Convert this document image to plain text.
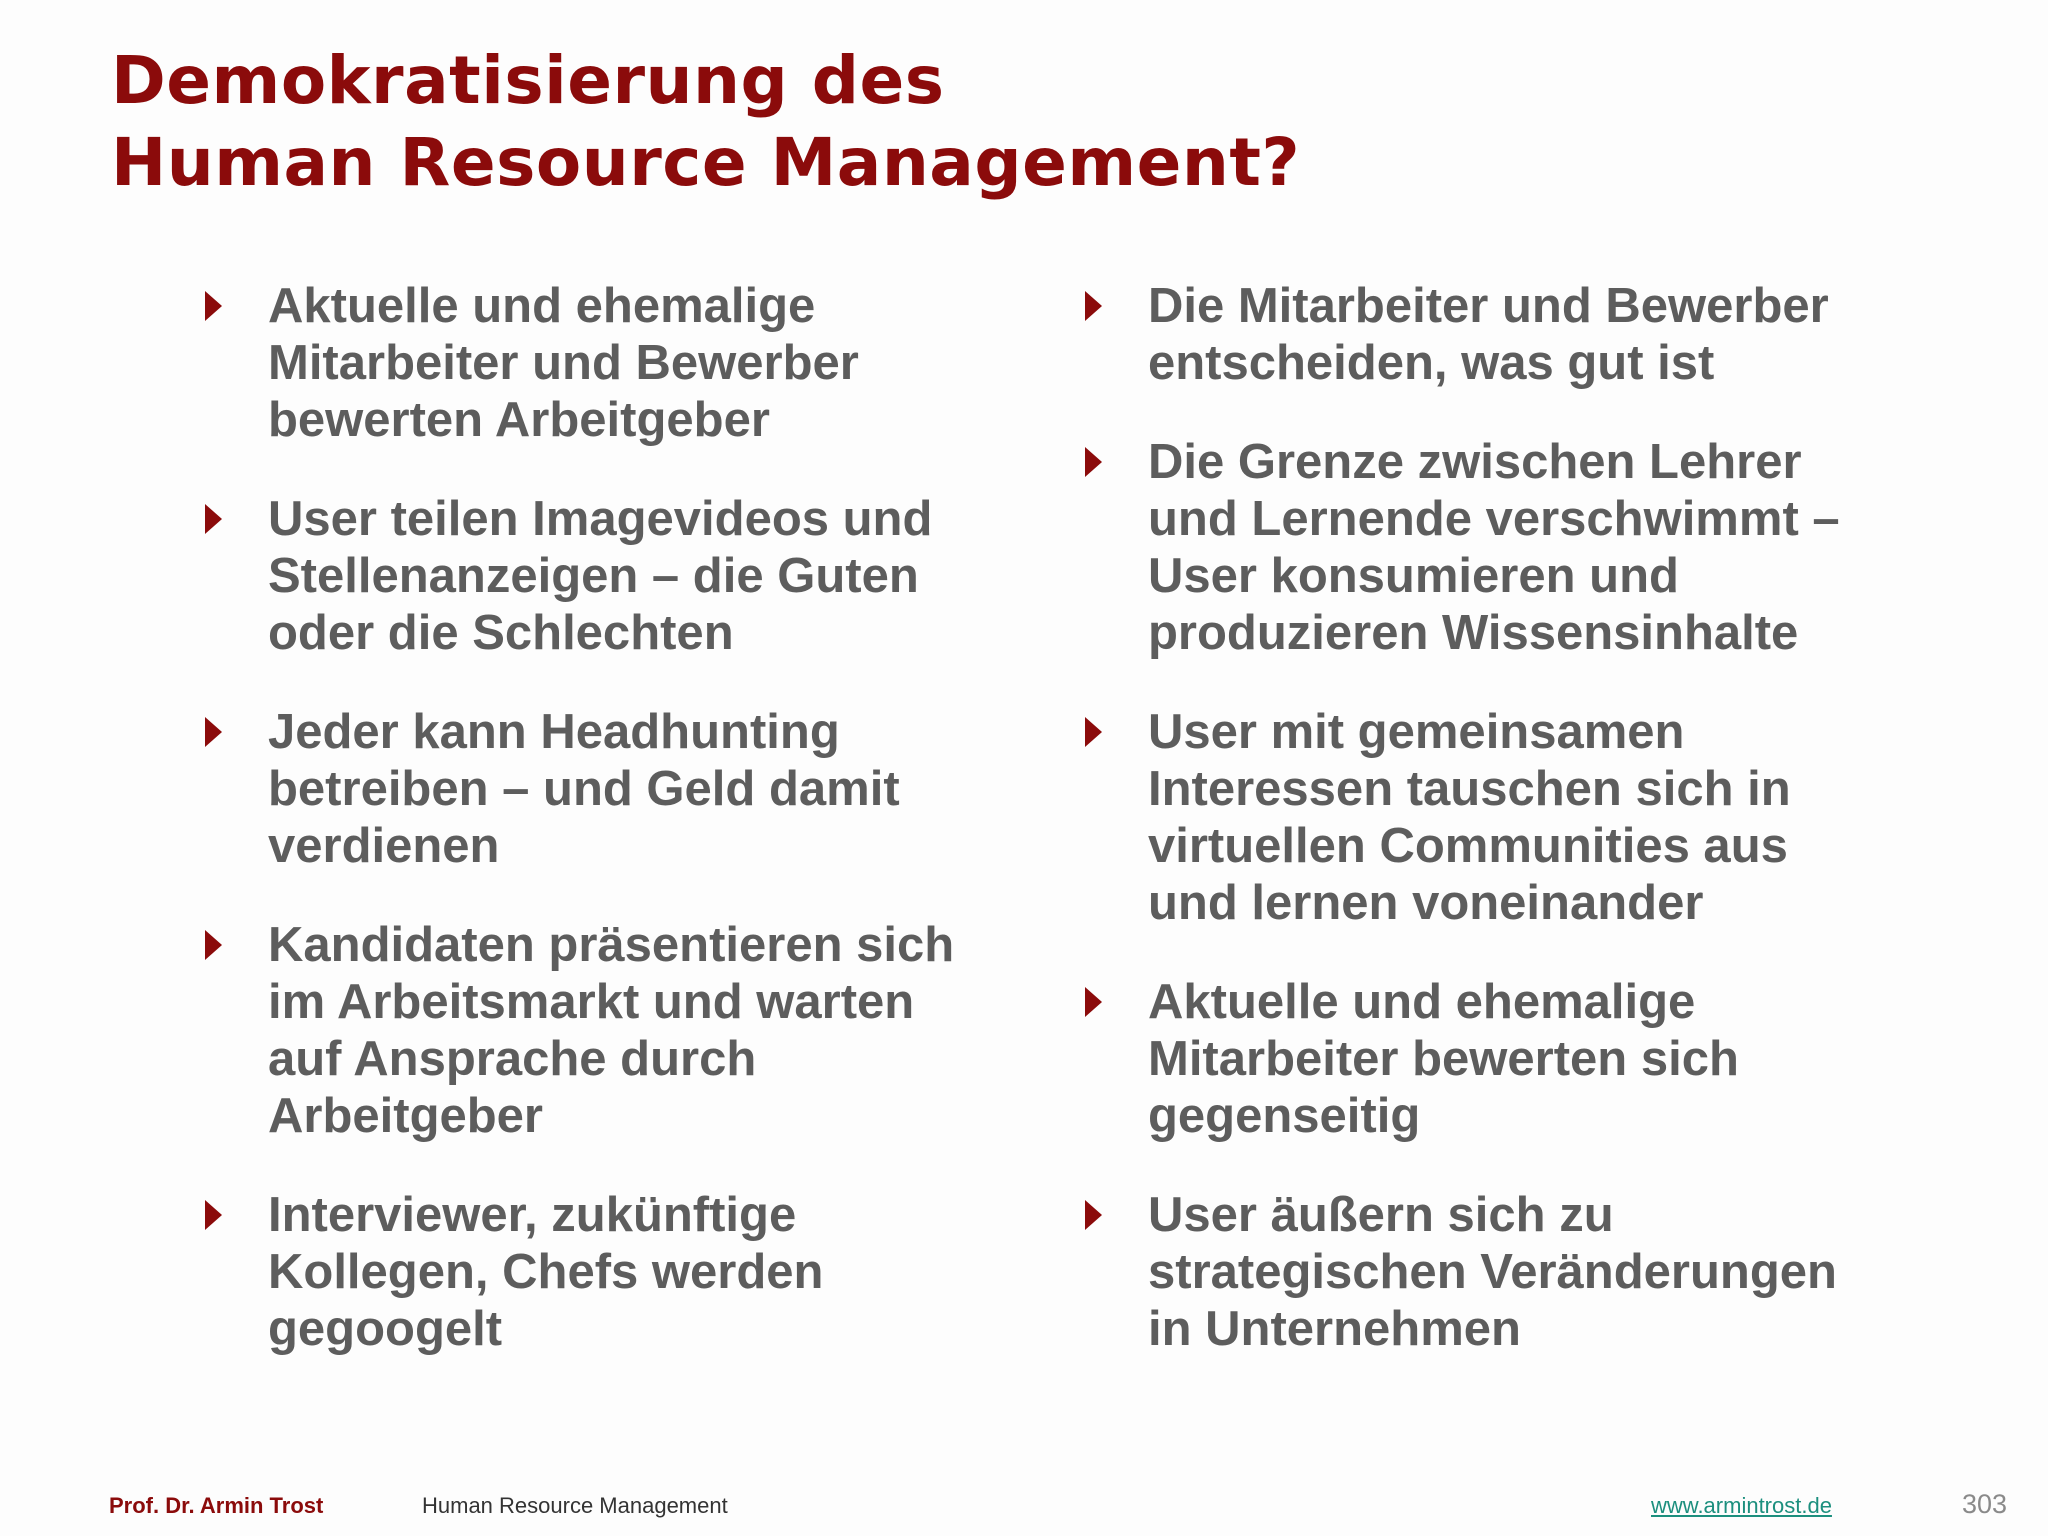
Demokratisierung des
Human Resource Management?
Aktuelle und ehemalige
Mitarbeiter und Bewerber
bewerten Arbeitgeber
User teilen Imagevideos und
Stellenanzeigen – die Guten
oder die Schlechten
Jeder kann Headhunting
betreiben – und Geld damit
verdienen
Kandidaten präsentieren sich
im Arbeitsmarkt und warten
auf Ansprache durch
Arbeitgeber
Interviewer, zukünftige
Kollegen, Chefs werden
gegoogelt
Die Mitarbeiter und Bewerber
entscheiden, was gut ist
Die Grenze zwischen Lehrer
und Lernende verschwimmt –
User konsumieren und
produzieren Wissensinhalte
User mit gemeinsamen
Interessen tauschen sich in
virtuellen Communities aus
und lernen voneinander
Aktuelle und ehemalige
Mitarbeiter bewerten sich
gegenseitig
User äußern sich zu
strategischen Veränderungen
in Unternehmen
Prof. Dr. Armin Trost	Human Resource Management	www.armintrost.de	303
